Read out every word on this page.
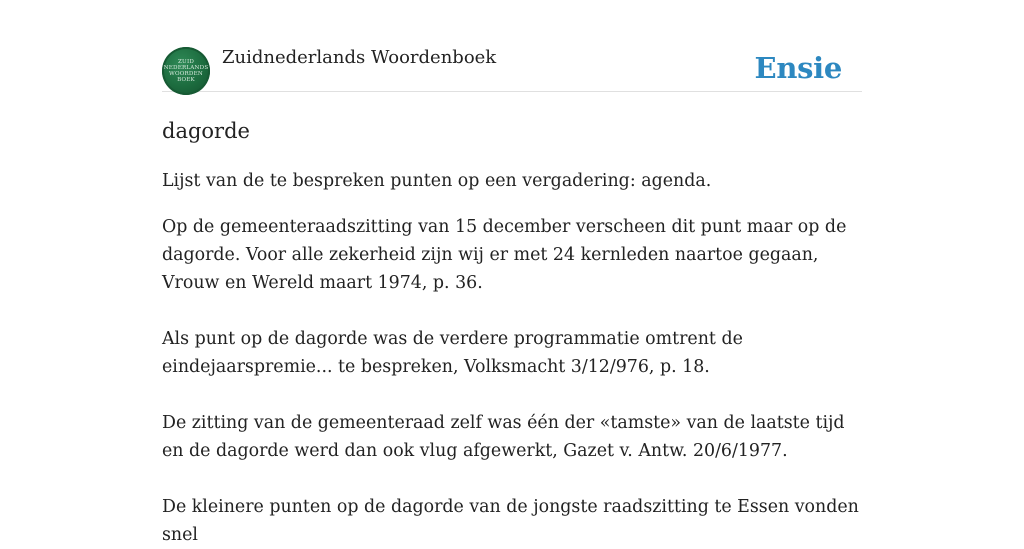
ZUID
NEDERLANDS
WOORDEN
BOEK
Zuidnederlands Woordenboek	Ensie
dagorde

Lijst van de te bespreken punten op een vergadering: agenda.

Op de gemeenteraadszitting van 15 december verscheen dit punt maar op de dagorde. Voor alle zekerheid zijn wij er met 24 kernleden naartoe gegaan, Vrouw en Wereld maart 1974, p. 36.

Als punt op de dagorde was de verdere programmatie omtrent de eindejaarspremie... te bespreken, Volksmacht 3/12/976, p. 18.

De zitting van de gemeenteraad zelf was één der «tamste» van de laatste tijd en de dagorde werd dan ook vlug afgewerkt, Gazet v. Antw. 20/6/1977.

De kleinere punten op de dagorde van de jongste raadszitting te Essen vonden snel
